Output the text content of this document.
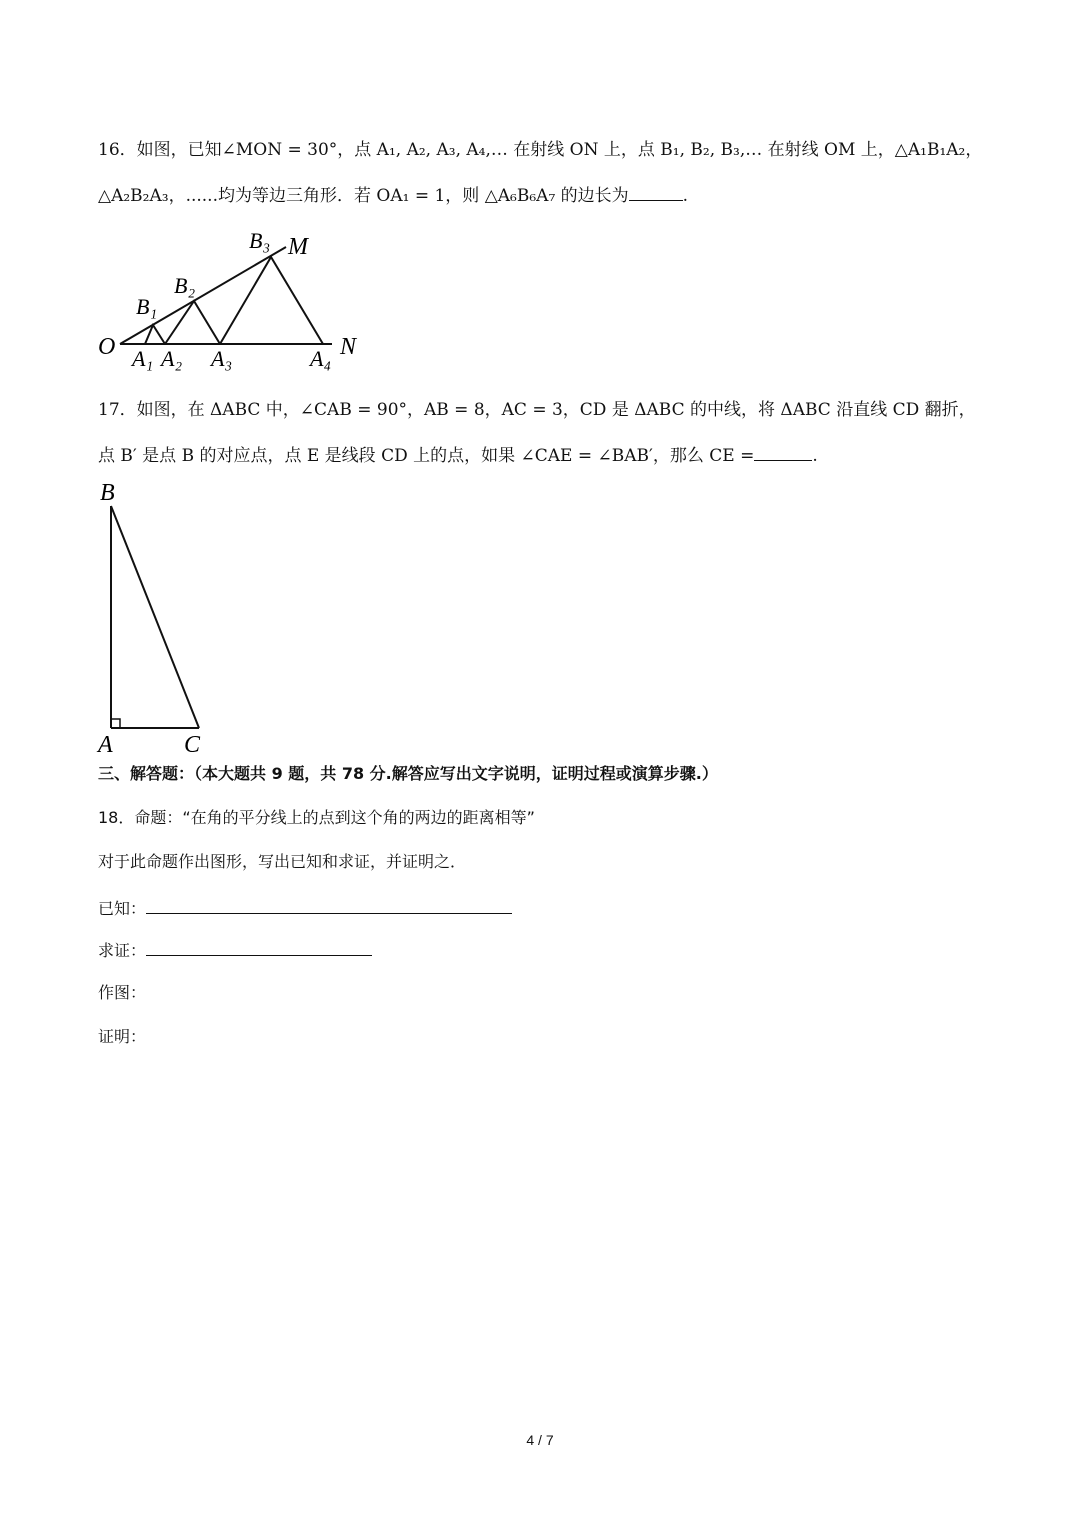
16．如图，已知∠MON = 30°，点 A₁, A₂, A₃, A₄,… 在射线 ON 上，点 B₁, B₂, B₃,… 在射线 OM 上，△A₁B₁A₂，
△A₂B₂A₃，......均为等边三角形．若 OA₁ = 1，则 △A₆B₆A₇ 的边长为	.
O
M
N
B₁
B₂
B₃
A₁ A₂ A₃	A₄
17．如图，在 ΔABC 中，∠CAB = 90°，AB = 8，AC = 3，CD 是 ΔABC 的中线，将 ΔABC 沿直线 CD 翻折，
点 B′ 是点 B 的对应点，点 E 是线段 CD 上的点，如果 ∠CAE = ∠BAB′，那么 CE =	.
B
A	C
三、解答题：（本大题共 9 题，共 78 分.解答应写出文字说明，证明过程或演算步骤.）
18．命题：“在角的平分线上的点到这个角的两边的距离相等”
对于此命题作出图形，写出已知和求证，并证明之．
已知：
求证：
作图：
证明：
4 / 7
